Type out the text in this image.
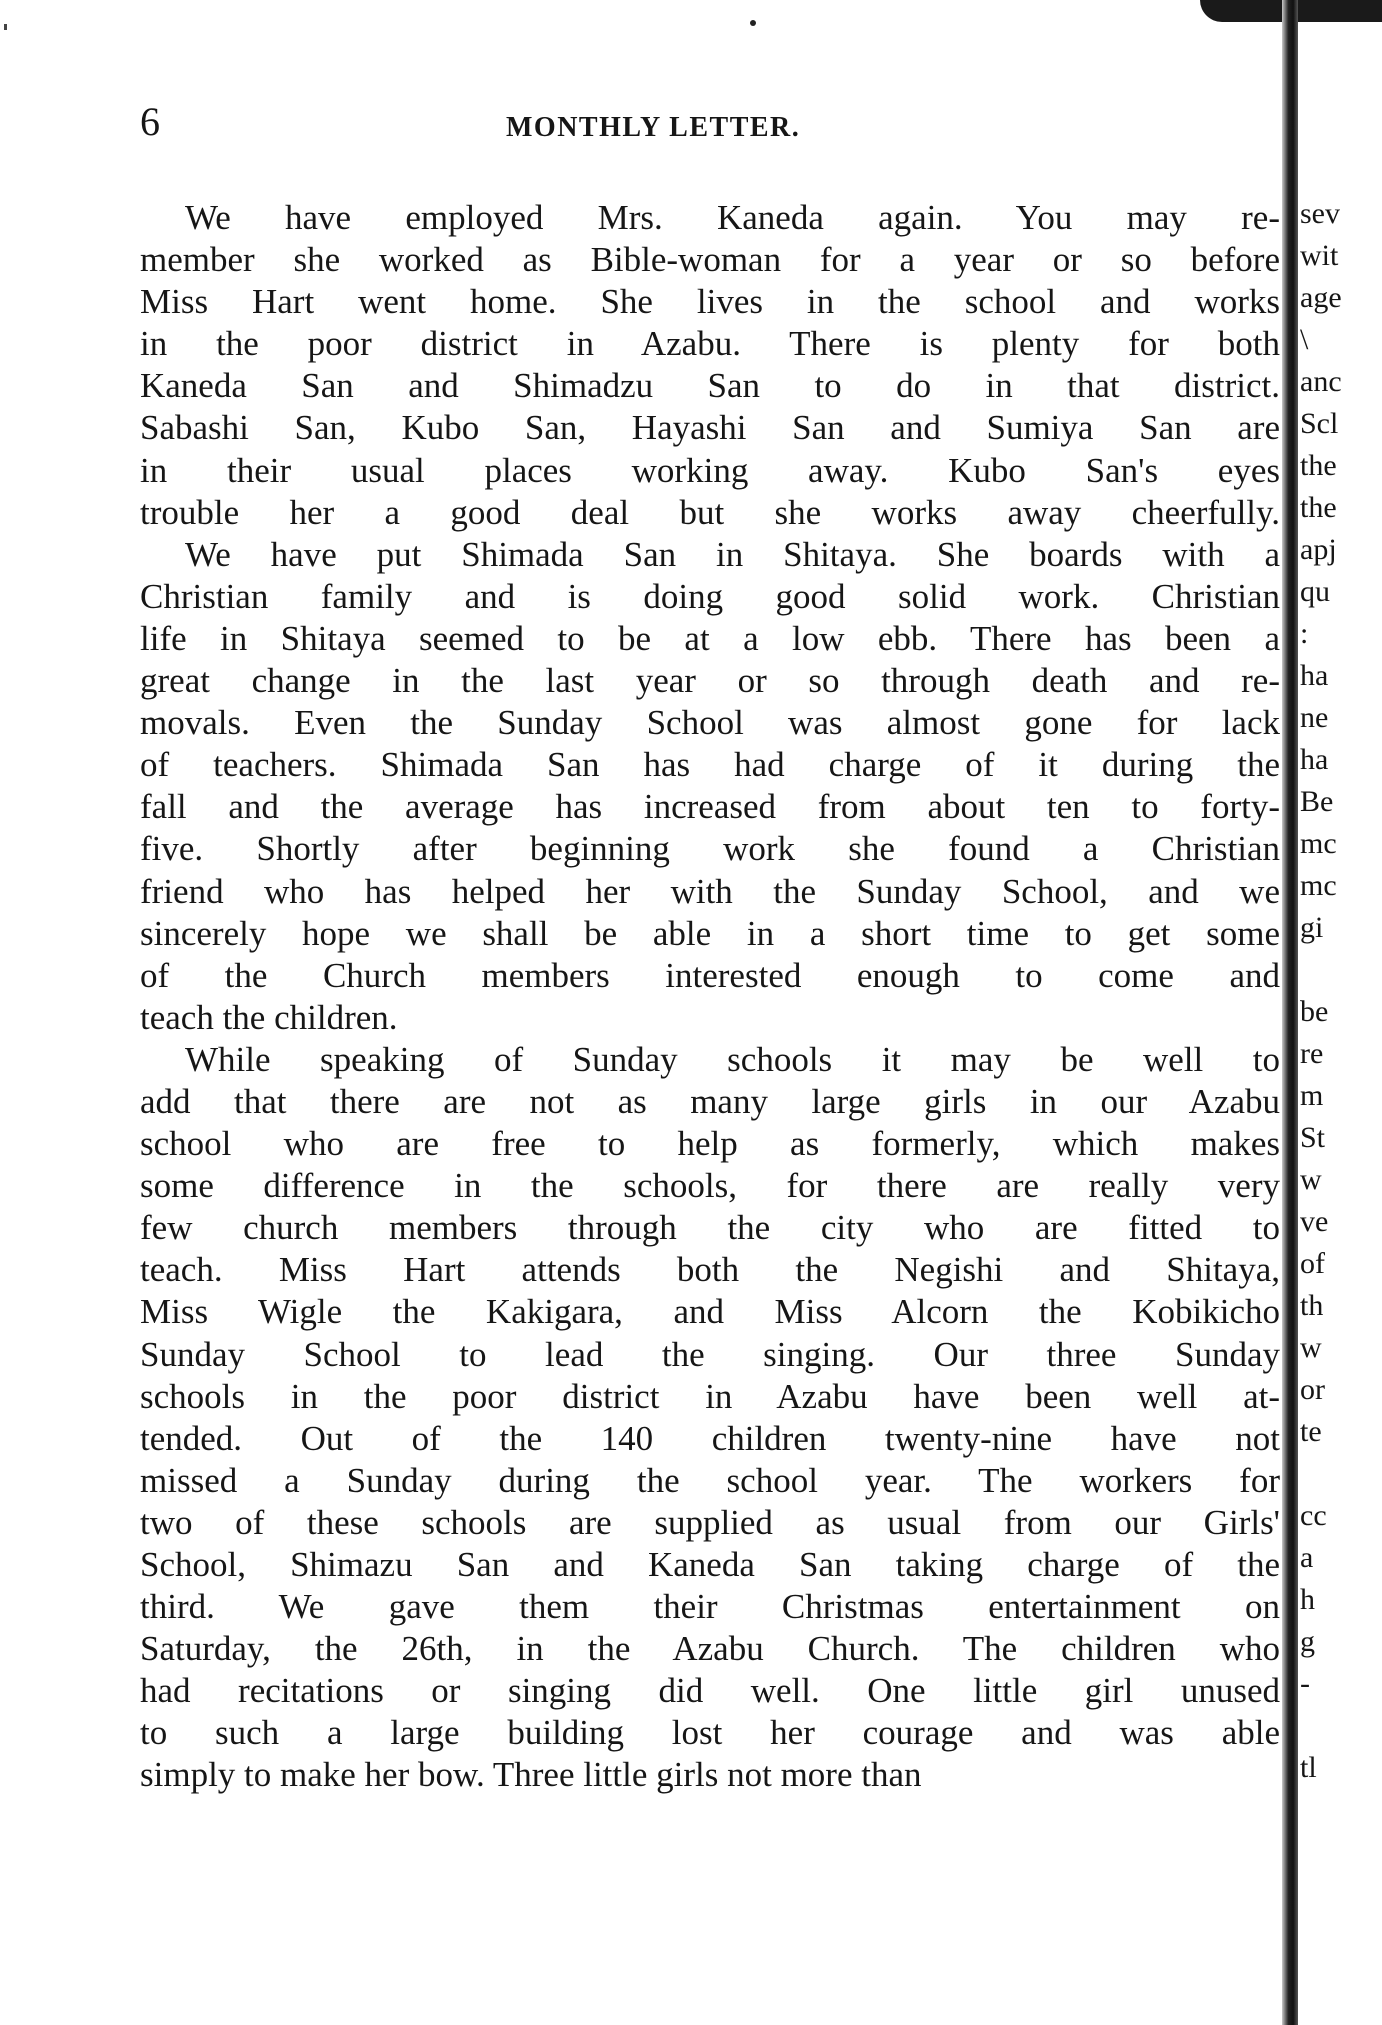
6	MONTHLY LETTER.
We have employed Mrs. Kaneda again. You may re-
member she worked as Bible-woman for a year or so before
Miss Hart went home. She lives in the school and works
in the poor district in Azabu. There is plenty for both
Kaneda San and Shimadzu San to do in that district.
Sabashi San, Kubo San, Hayashi San and Sumiya San are
in their usual places working away. Kubo San's eyes
trouble her a good deal but she works away cheerfully.
We have put Shimada San in Shitaya. She boards with a
Christian family and is doing good solid work. Christian
life in Shitaya seemed to be at a low ebb. There has been a
great change in the last year or so through death and re-
movals. Even the Sunday School was almost gone for lack
of teachers. Shimada San has had charge of it during the
fall and the average has increased from about ten to forty-
five. Shortly after beginning work she found a Christian
friend who has helped her with the Sunday School, and we
sincerely hope we shall be able in a short time to get some
of the Church members interested enough to come and
teach the children.
While speaking of Sunday schools it may be well to
add that there are not as many large girls in our Azabu
school who are free to help as formerly, which makes
some difference in the schools, for there are really very
few church members through the city who are fitted to
teach. Miss Hart attends both the Negishi and Shitaya,
Miss Wigle the Kakigara, and Miss Alcorn the Kobikicho
Sunday School to lead the singing. Our three Sunday
schools in the poor district in Azabu have been well at-
tended. Out of the 140 children twenty-nine have not
missed a Sunday during the school year. The workers for
two of these schools are supplied as usual from our Girls'
School, Shimazu San and Kaneda San taking charge of the
third. We gave them their Christmas entertainment on
Saturday, the 26th, in the Azabu Church. The children who
had recitations or singing did well. One little girl unused
to such a large building lost her courage and was able
simply to make her bow. Three little girls not more than
sev
wit
age
\
anc
Scl
the
the
apj
qu
:
ha
ne
ha
Be
mc
mc
gi
be
re
m
St
w
ve
of
th
w
or
te
cc
a
h
g
-
tl
